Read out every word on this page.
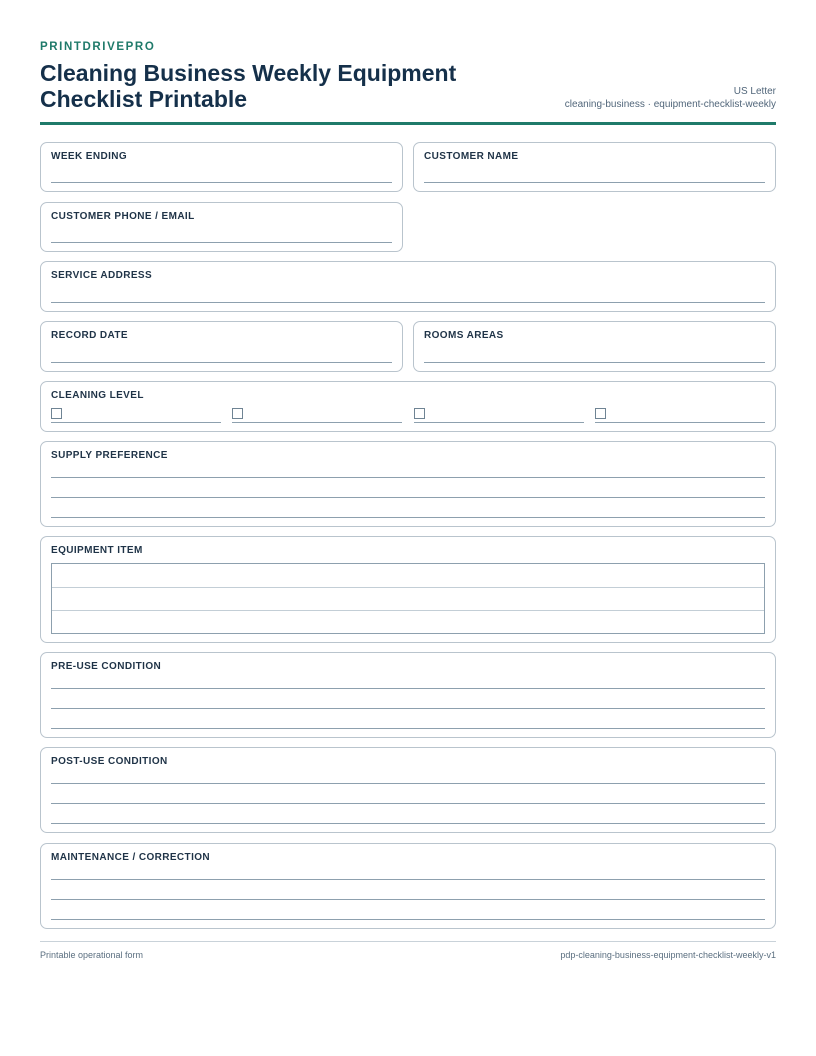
PRINTDRIVEPRO
Cleaning Business Weekly Equipment Checklist Printable	US Letter
cleaning-business · equipment-checklist-weekly
WEEK ENDING	CUSTOMER NAME
CUSTOMER PHONE / EMAIL
SERVICE ADDRESS
RECORD DATE	ROOMS AREAS
CLEANING LEVEL
SUPPLY PREFERENCE
EQUIPMENT ITEM
PRE-USE CONDITION
POST-USE CONDITION
MAINTENANCE / CORRECTION
Printable operational form	pdp-cleaning-business-equipment-checklist-weekly-v1
